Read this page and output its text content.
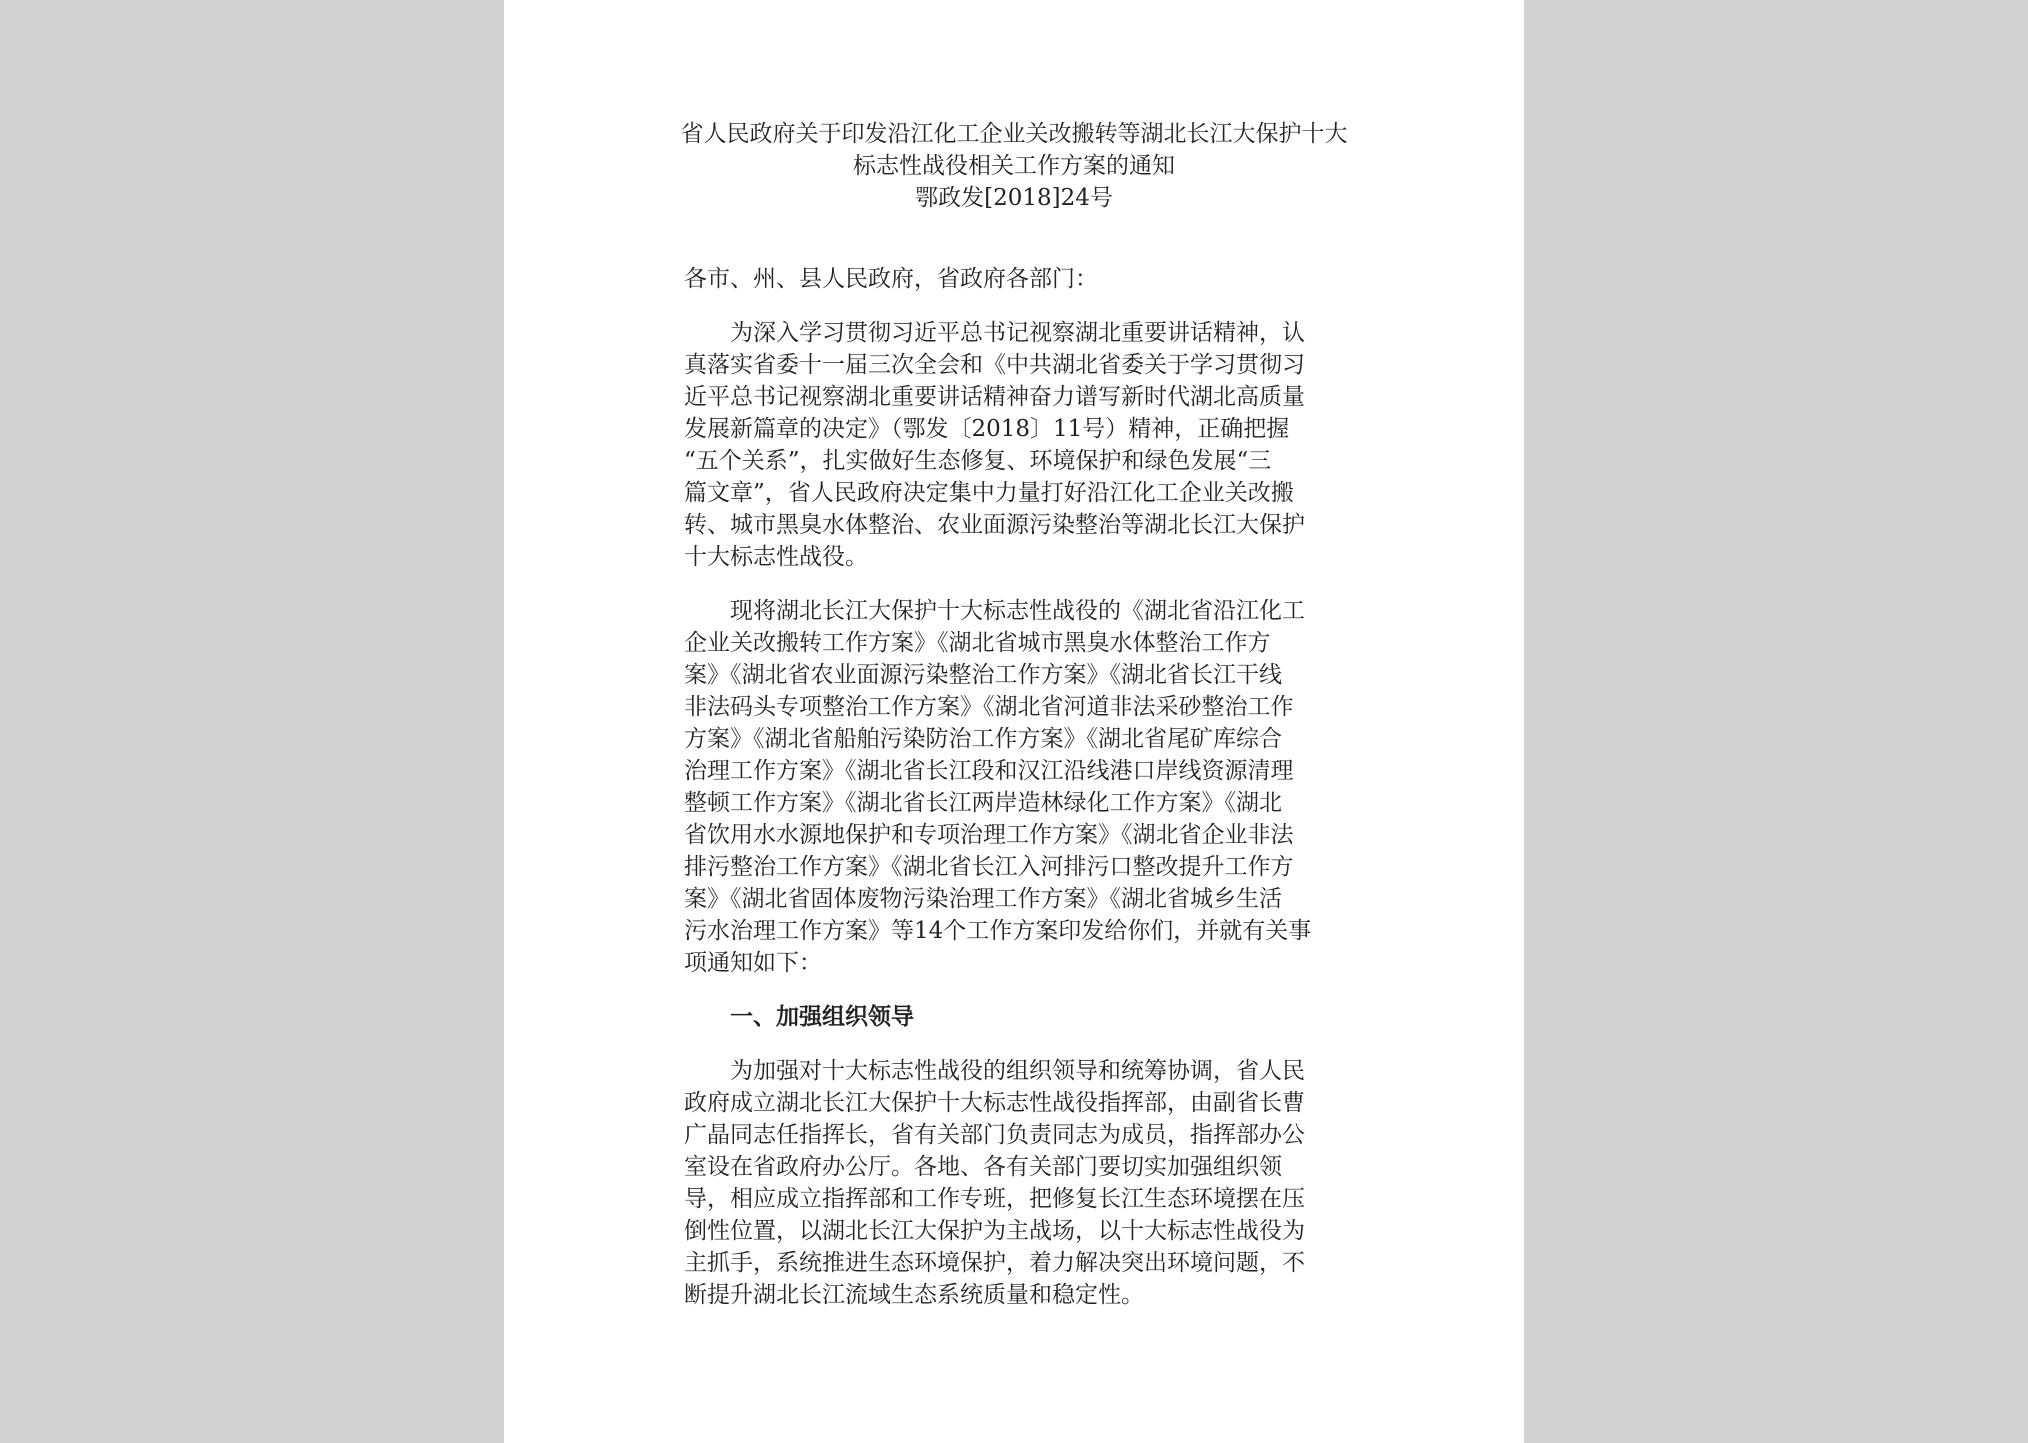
省人民政府关于印发沿江化工企业关改搬转等湖北长江大保护十大
标志性战役相关工作方案的通知
鄂政发[2018]24号
各市、州、县人民政府，省政府各部门：
为深入学习贯彻习近平总书记视察湖北重要讲话精神，认
真落实省委十一届三次全会和《中共湖北省委关于学习贯彻习
近平总书记视察湖北重要讲话精神奋力谱写新时代湖北高质量
发展新篇章的决定》（鄂发〔2018〕11号）精神，正确把握
“五个关系”，扎实做好生态修复、环境保护和绿色发展“三
篇文章”，省人民政府决定集中力量打好沿江化工企业关改搬
转、城市黑臭水体整治、农业面源污染整治等湖北长江大保护
十大标志性战役。
现将湖北长江大保护十大标志性战役的《湖北省沿江化工
企业关改搬转工作方案》《湖北省城市黑臭水体整治工作方
案》《湖北省农业面源污染整治工作方案》《湖北省长江干线
非法码头专项整治工作方案》《湖北省河道非法采砂整治工作
方案》《湖北省船舶污染防治工作方案》《湖北省尾矿库综合
治理工作方案》《湖北省长江段和汉江沿线港口岸线资源清理
整顿工作方案》《湖北省长江两岸造林绿化工作方案》《湖北
省饮用水水源地保护和专项治理工作方案》《湖北省企业非法
排污整治工作方案》《湖北省长江入河排污口整改提升工作方
案》《湖北省固体废物污染治理工作方案》《湖北省城乡生活
污水治理工作方案》等14个工作方案印发给你们，并就有关事
项通知如下：
一、加强组织领导
为加强对十大标志性战役的组织领导和统筹协调，省人民
政府成立湖北长江大保护十大标志性战役指挥部，由副省长曹
广晶同志任指挥长，省有关部门负责同志为成员，指挥部办公
室设在省政府办公厅。各地、各有关部门要切实加强组织领
导，相应成立指挥部和工作专班，把修复长江生态环境摆在压
倒性位置，以湖北长江大保护为主战场，以十大标志性战役为
主抓手，系统推进生态环境保护，着力解决突出环境问题，不
断提升湖北长江流域生态系统质量和稳定性。
